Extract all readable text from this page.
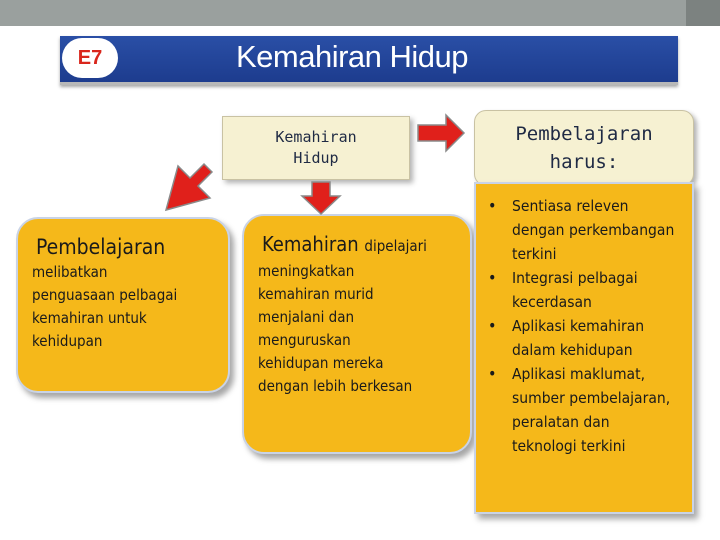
E7	Kemahiran Hidup
Kemahiran
Hidup
Pembelajaran
harus:
Pembelajaran
melibatkan
penguasaan pelbagai
kemahiran untuk
kehidupan
Kemahiran dipelajari
meningkatkan
kemahiran murid
menjalani dan
menguruskan
kehidupan mereka
dengan lebih berkesan
• Sentiasa releven
dengan perkembangan
terkini
• Integrasi pelbagai
kecerdasan
• Aplikasi kemahiran
dalam kehidupan
• Aplikasi maklumat,
sumber pembelajaran,
peralatan dan
teknologi terkini
